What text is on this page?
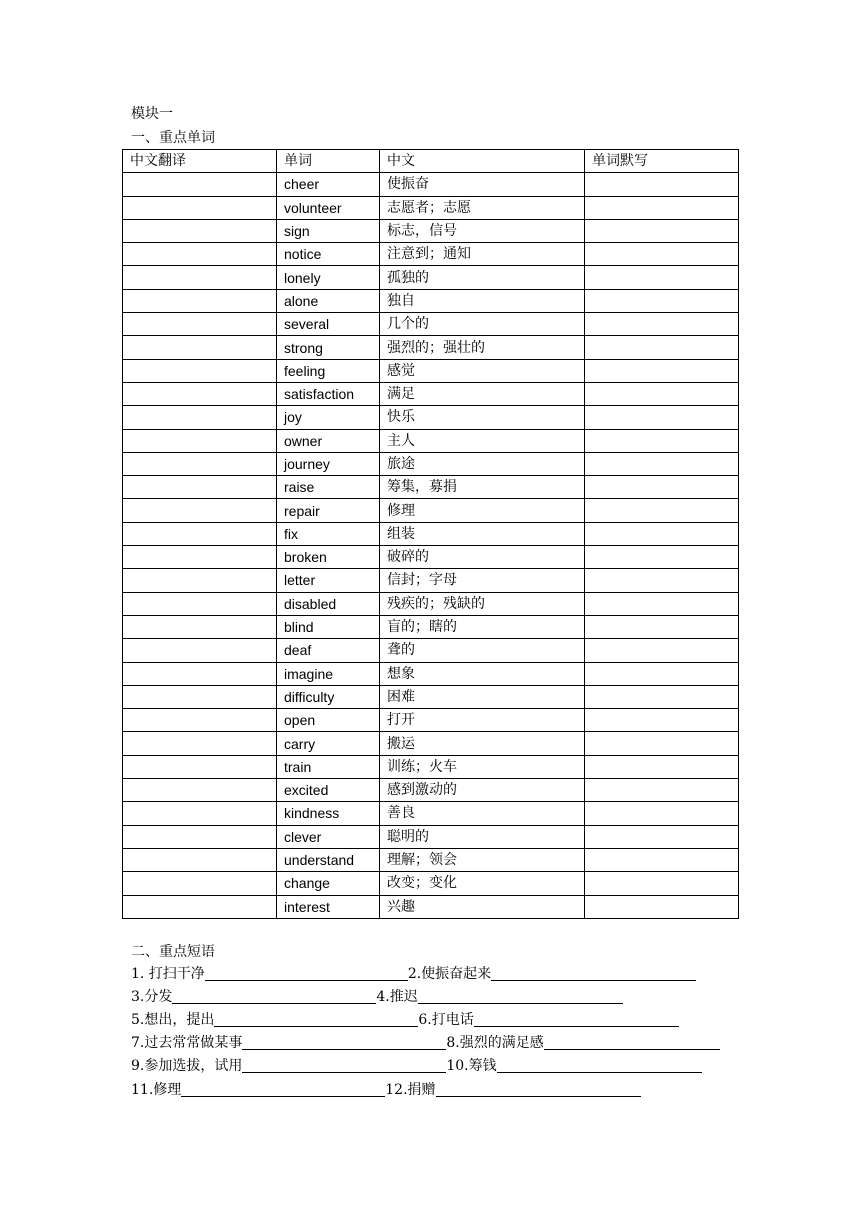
模块一
一、重点单词
中文翻译	单词	中文	单词默写
	cheer	使振奋	
	volunteer	志愿者；志愿	
	sign	标志，信号	
	notice	注意到；通知	
	lonely	孤独的	
	alone	独自	
	several	几个的	
	strong	强烈的；强壮的	
	feeling	感觉	
	satisfaction	满足	
	joy	快乐	
	owner	主人	
	journey	旅途	
	raise	筹集，募捐	
	repair	修理	
	fix	组装	
	broken	破碎的	
	letter	信封；字母	
	disabled	残疾的；残缺的	
	blind	盲的；瞎的	
	deaf	聋的	
	imagine	想象	
	difficulty	困难	
	open	打开	
	carry	搬运	
	train	训练；火车	
	excited	感到激动的	
	kindness	善良	
	clever	聪明的	
	understand	理解；领会	
	change	改变；变化	
	interest	兴趣	
二、重点短语
1. 打扫干净	2.使振奋起来
3.分发	4.推迟
5.想出，提出	6.打电话
7.过去常常做某事	8.强烈的满足感
9.参加选拔，试用	10.筹钱
11.修理	12.捐赠
